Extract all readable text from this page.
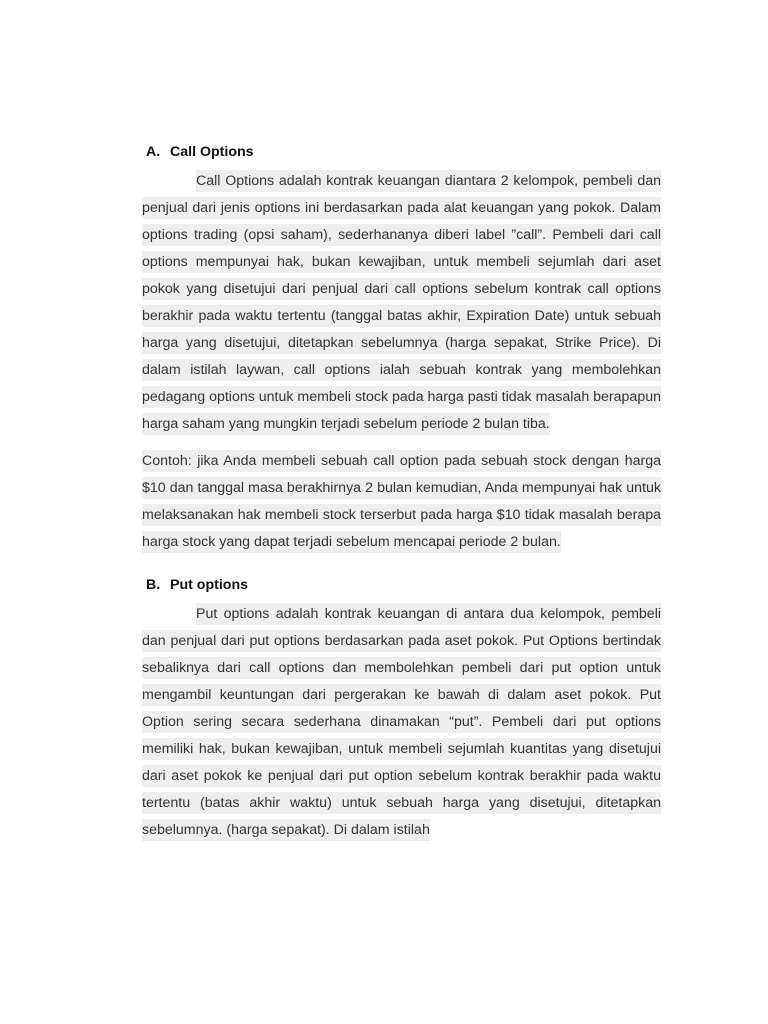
A. Call Options

Call Options adalah kontrak keuangan diantara 2 kelompok, pembeli dan penjual dari jenis options ini berdasarkan pada alat keuangan yang pokok. Dalam options trading (opsi saham), sederhananya diberi label ”call”. Pembeli dari call options mempunyai hak, bukan kewajiban, untuk membeli sejumlah dari aset pokok yang disetujui dari penjual dari call options sebelum kontrak call options berakhir pada waktu tertentu (tanggal batas akhir, Expiration Date) untuk sebuah harga yang disetujui, ditetapkan sebelumnya (harga sepakat, Strike Price). Di dalam istilah laywan, call options ialah sebuah kontrak yang membolehkan pedagang options untuk membeli stock pada harga pasti tidak masalah berapapun harga saham yang mungkin terjadi sebelum periode 2 bulan tiba.

Contoh: jika Anda membeli sebuah call option pada sebuah stock dengan harga $10 dan tanggal masa berakhirnya 2 bulan kemudian, Anda mempunyai hak untuk melaksanakan hak membeli stock terserbut pada harga $10 tidak masalah berapa harga stock yang dapat terjadi sebelum mencapai periode 2 bulan.

B. Put options

Put options adalah kontrak keuangan di antara dua kelompok, pembeli dan penjual dari put options berdasarkan pada aset pokok. Put Options bertindak sebaliknya dari call options dan membolehkan pembeli dari put option untuk mengambil keuntungan dari pergerakan ke bawah di dalam aset pokok. Put Option sering secara sederhana dinamakan “put”. Pembeli dari put options memiliki hak, bukan kewajiban, untuk membeli sejumlah kuantitas yang disetujui dari aset pokok ke penjual dari put option sebelum kontrak berakhir pada waktu tertentu (batas akhir waktu) untuk sebuah harga yang disetujui, ditetapkan sebelumnya. (harga sepakat). Di dalam istilah
